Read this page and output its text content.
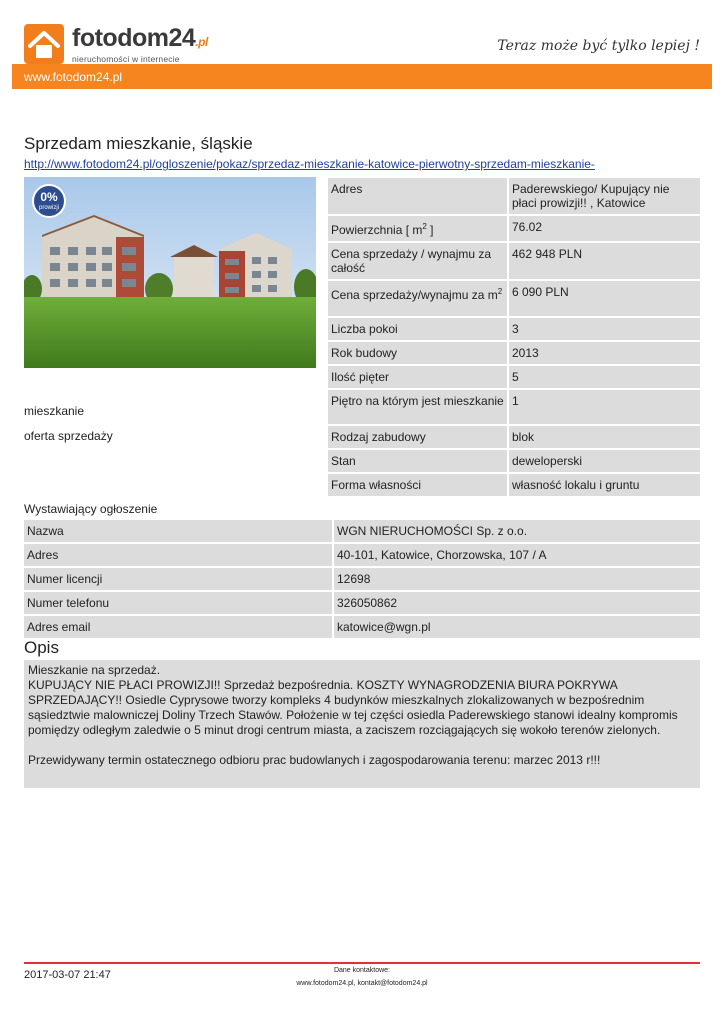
fotodom24.pl
nieruchomości w internecie
Teraz może być tylko lepiej !
www.fotodom24.pl
Sprzedam mieszkanie, śląskie
http://www.fotodom24.pl/ogloszenie/pokaz/sprzedaz-mieszkanie-katowice-pierwotny-sprzedam-mieszkanie-
0%
prowizji
mieszkanie
oferta sprzedaży
Adres	Paderewskiego/ Kupujący nie płaci prowizji!! , Katowice
Powierzchnia [ $m^2$ ]	76.02
Cena sprzedaży / wynajmu za całość	462 948 PLN
Cena sprzedaży/wynajmu za $m^2$	6 090 PLN
Liczba pokoi	3
Rok budowy	2013
Ilość pięter	5
Piętro na którym jest mieszkanie	1
Rodzaj zabudowy	blok
Stan	deweloperski
Forma własności	własność lokalu i gruntu
Wystawiający ogłoszenie
Nazwa	WGN NIERUCHOMOŚCI Sp. z o.o.
Adres	40-101, Katowice, Chorzowska, 107 / A
Numer licencji	12698
Numer telefonu	326050862
Adres email	katowice@wgn.pl
Opis

Mieszkanie na sprzedaż.

KUPUJĄCY NIE PŁACI PROWIZJI!! Sprzedaż bezpośrednia. KOSZTY WYNAGRODZENIA BIURA POKRYWA SPRZEDAJĄCY!! Osiedle Cyprysowe tworzy kompleks 4 budynków mieszkalnych zlokalizowanych w bezpośrednim sąsiedztwie malowniczej Doliny Trzech Stawów. Położenie w tej części osiedla Paderewskiego stanowi idealny kompromis pomiędzy odległym zaledwie o 5 minut drogi centrum miasta, a zaciszem rozciągających się wokoło terenów zielonych.

Przewidywany termin ostatecznego odbioru prac budowlanych i zagospodarowania terenu: marzec 2013 r!!!

2017-03-07 21:47	Dane kontaktowe:
www.fotodom24.pl, kontakt@fotodom24.pl
